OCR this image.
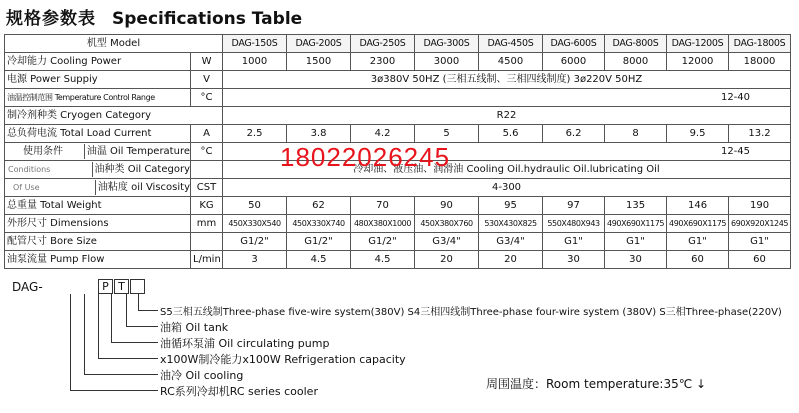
规格参数表 Specifications Table
机型 Model		DAG-150S	DAG-200S	DAG-250S	DAG-300S	DAG-450S	DAG-600S	DAG-800S	DAG-1200S	DAG-1800S
冷却能力 Cooling Power	W	1000	1500	2300	3000	4500	6000	8000	12000	18000
电源 Power Suppiy	V	3ø380V 50HZ (三相五线制、三相四线制度) 3ø220V 50HZ								
油温控制范围 Temperature Control Range	°C	12-40								
制冷剂种类 Cryogen Category		R22								
总负荷电流 Total Load Current	A	2.5	3.8	4.2	5	5.6	6.2	8	9.5	13.2

使用条件 油温 Oil Temperature	°C	12-45								

Conditions 油种类 Oil Category		冷却油、液压油、润滑油 Cooling Oil.hydraulic Oil.lubricating Oil								

Of Use 油粘度 oil Viscosity	CST	4-300								
总重量 Total Weight	KG	50	62	70	90	95	97	135	146	190
外形尺寸 Dimensions	mm	450X330X540	450X330X740	480X380X1000	450X380X760	530X430X825	550X480X943	490X690X1175	490X690X1175	690X920X1245
配管尺寸 Bore Size		G1/2"	G1/2"	G1/2"	G3/4"	G3/4"	G1"	G1"	G1"	G1"
油泵流量 Pump Flow	L/min	3	4.5	4.5	20	20	30	30	60	60
18022026245
DAG-	P T
S5三相五线制Three-phase five-wire system(380V) S4三相四线制Three-phase four-wire system (380V) S三相Three-phase(220V)
油箱 Oil tank
油循环泵浦 Oil circulating pump
x100W制冷能力x100W Refrigeration capacity
油冷 Oil cooling
RC系列冷却机RC series cooler
周围温度：Room temperature:35℃ ↓
